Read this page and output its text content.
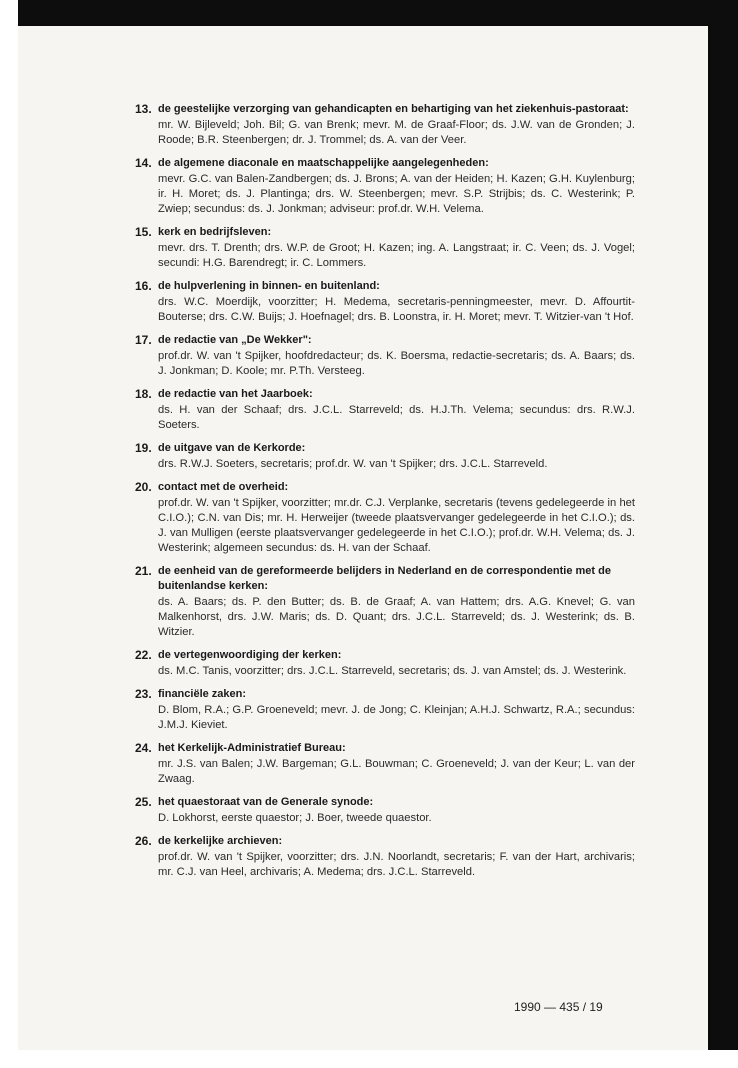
13. de geestelijke verzorging van gehandicapten en behartiging van het ziekenhuis-pastoraat:
mr. W. Bijleveld; Joh. Bil; G. van Brenk; mevr. M. de Graaf-Floor; ds. J.W. van de Gronden; J. Roode; B.R. Steenbergen; dr. J. Trommel; ds. A. van der Veer.
14. de algemene diaconale en maatschappelijke aangelegenheden:
mevr. G.C. van Balen-Zandbergen; ds. J. Brons; A. van der Heiden; H. Kazen; G.H. Kuylenburg; ir. H. Moret; ds. J. Plantinga; drs. W. Steenbergen; mevr. S.P. Strijbis; ds. C. Westerink; P. Zwiep; secundus: ds. J. Jonkman; adviseur: prof.dr. W.H. Velema.
15. kerk en bedrijfsleven:
mevr. drs. T. Drenth; drs. W.P. de Groot; H. Kazen; ing. A. Langstraat; ir. C. Veen; ds. J. Vogel; secundi: H.G. Barendregt; ir. C. Lommers.
16. de hulpverlening in binnen- en buitenland:
drs. W.C. Moerdijk, voorzitter; H. Medema, secretaris-penningmeester, mevr. D. Affourtit-Bouterse; drs. C.W. Buijs; J. Hoefnagel; drs. B. Loonstra, ir. H. Moret; mevr. T. Witzier-van 't Hof.
17. de redactie van „De Wekker":
prof.dr. W. van 't Spijker, hoofdredacteur; ds. K. Boersma, redactie-secretaris; ds. A. Baars; ds. J. Jonkman; D. Koole; mr. P.Th. Versteeg.
18. de redactie van het Jaarboek:
ds. H. van der Schaaf; drs. J.C.L. Starreveld; ds. H.J.Th. Velema; secundus: drs. R.W.J. Soeters.
19. de uitgave van de Kerkorde:
drs. R.W.J. Soeters, secretaris; prof.dr. W. van 't Spijker; drs. J.C.L. Starreveld.
20. contact met de overheid:
prof.dr. W. van 't Spijker, voorzitter; mr.dr. C.J. Verplanke, secretaris (tevens gedelegeerde in het C.I.O.); C.N. van Dis; mr. H. Herweijer (tweede plaatsvervanger gedelegeerde in het C.I.O.); ds. J. van Mulligen (eerste plaatsvervanger gedelegeerde in het C.I.O.); prof.dr. W.H. Velema; ds. J. Westerink; algemeen secundus: ds. H. van der Schaaf.
21. de eenheid van de gereformeerde belijders in Nederland en de correspondentie met de buitenlandse kerken:
ds. A. Baars; ds. P. den Butter; ds. B. de Graaf; A. van Hattem; drs. A.G. Knevel; G. van Malkenhorst, drs. J.W. Maris; ds. D. Quant; drs. J.C.L. Starreveld; ds. J. Westerink; ds. B. Witzier.
22. de vertegenwoordiging der kerken:
ds. M.C. Tanis, voorzitter; drs. J.C.L. Starreveld, secretaris; ds. J. van Amstel; ds. J. Westerink.
23. financiële zaken:
D. Blom, R.A.; G.P. Groeneveld; mevr. J. de Jong; C. Kleinjan; A.H.J. Schwartz, R.A.; secundus: J.M.J. Kieviet.
24. het Kerkelijk-Administratief Bureau:
mr. J.S. van Balen; J.W. Bargeman; G.L. Bouwman; C. Groeneveld; J. van der Keur; L. van der Zwaag.
25. het quaestoraat van de Generale synode:
D. Lokhorst, eerste quaestor; J. Boer, tweede quaestor.
26. de kerkelijke archieven:
prof.dr. W. van 't Spijker, voorzitter; drs. J.N. Noorlandt, secretaris; F. van der Hart, archivaris; mr. C.J. van Heel, archivaris; A. Medema; drs. J.C.L. Starreveld.
1990 — 435 / 19
